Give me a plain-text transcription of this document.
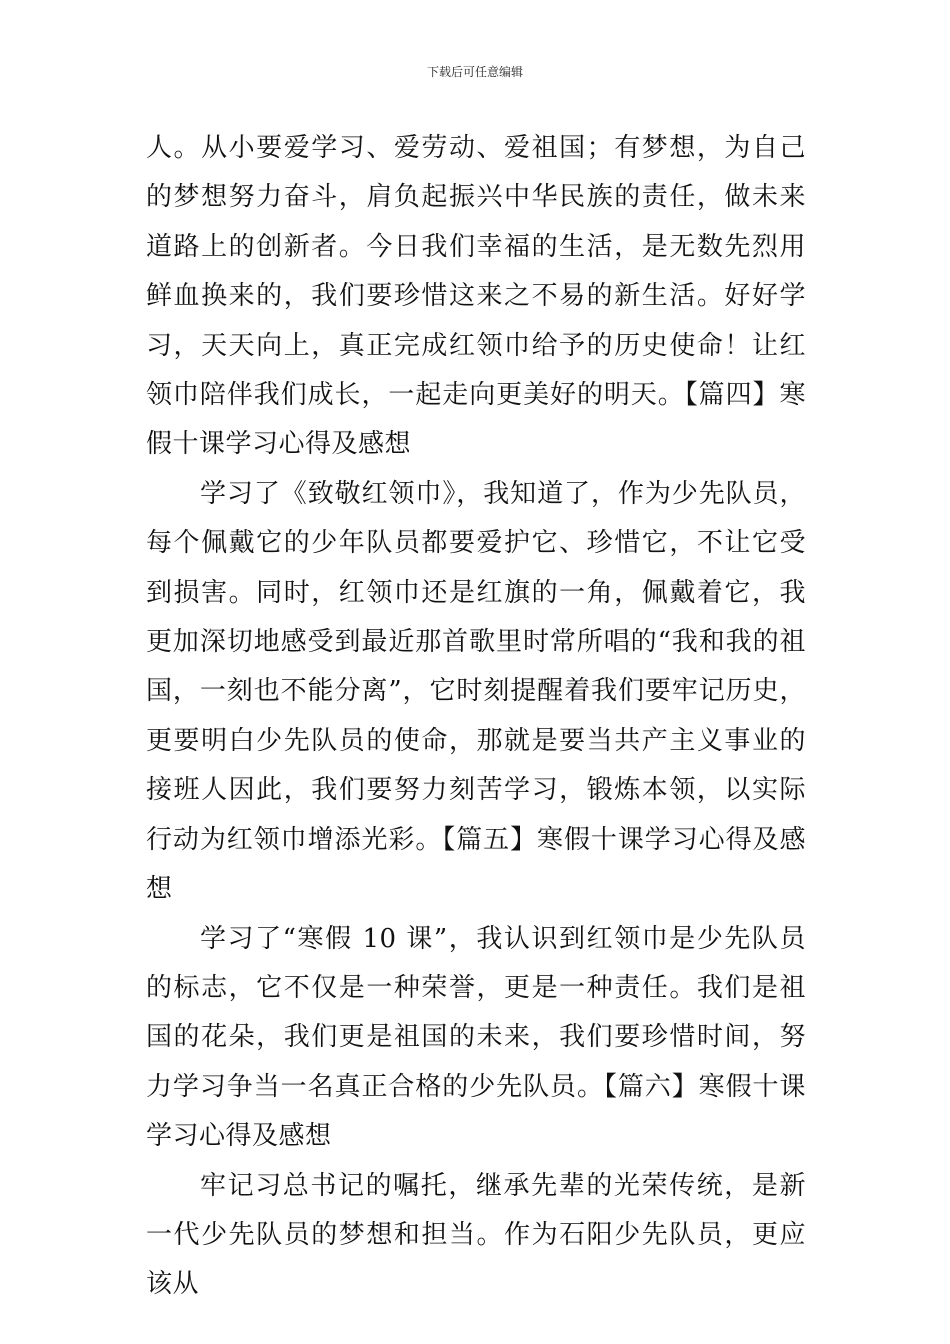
下载后可任意编辑

人。从小要爱学习、爱劳动、爱祖国；有梦想，为自己的梦想努力奋斗，肩负起振兴中华民族的责任，做未来道路上的创新者。今日我们幸福的生活，是无数先烈用鲜血换来的，我们要珍惜这来之不易的新生活。好好学习，天天向上，真正完成红领巾给予的历史使命！让红领巾陪伴我们成长，一起走向更美好的明天。【篇四】寒假十课学习心得及感想

学习了《致敬红领巾》，我知道了，作为少先队员，每个佩戴它的少年队员都要爱护它、珍惜它，不让它受到损害。同时，红领巾还是红旗的一角，佩戴着它，我更加深切地感受到最近那首歌里时常所唱的“我和我的祖国，一刻也不能分离”，它时刻提醒着我们要牢记历史，更要明白少先队员的使命，那就是要当共产主义事业的接班人因此，我们要努力刻苦学习，锻炼本领，以实际行动为红领巾增添光彩。【篇五】寒假十课学习心得及感想

学习了“寒假 10 课”，我认识到红领巾是少先队员的标志，它不仅是一种荣誉，更是一种责任。我们是祖国的花朵，我们更是祖国的未来，我们要珍惜时间，努力学习争当一名真正合格的少先队员。【篇六】寒假十课学习心得及感想

牢记习总书记的嘱托，继承先辈的光荣传统，是新一代少先队员的梦想和担当。作为石阳少先队员，更应该从
